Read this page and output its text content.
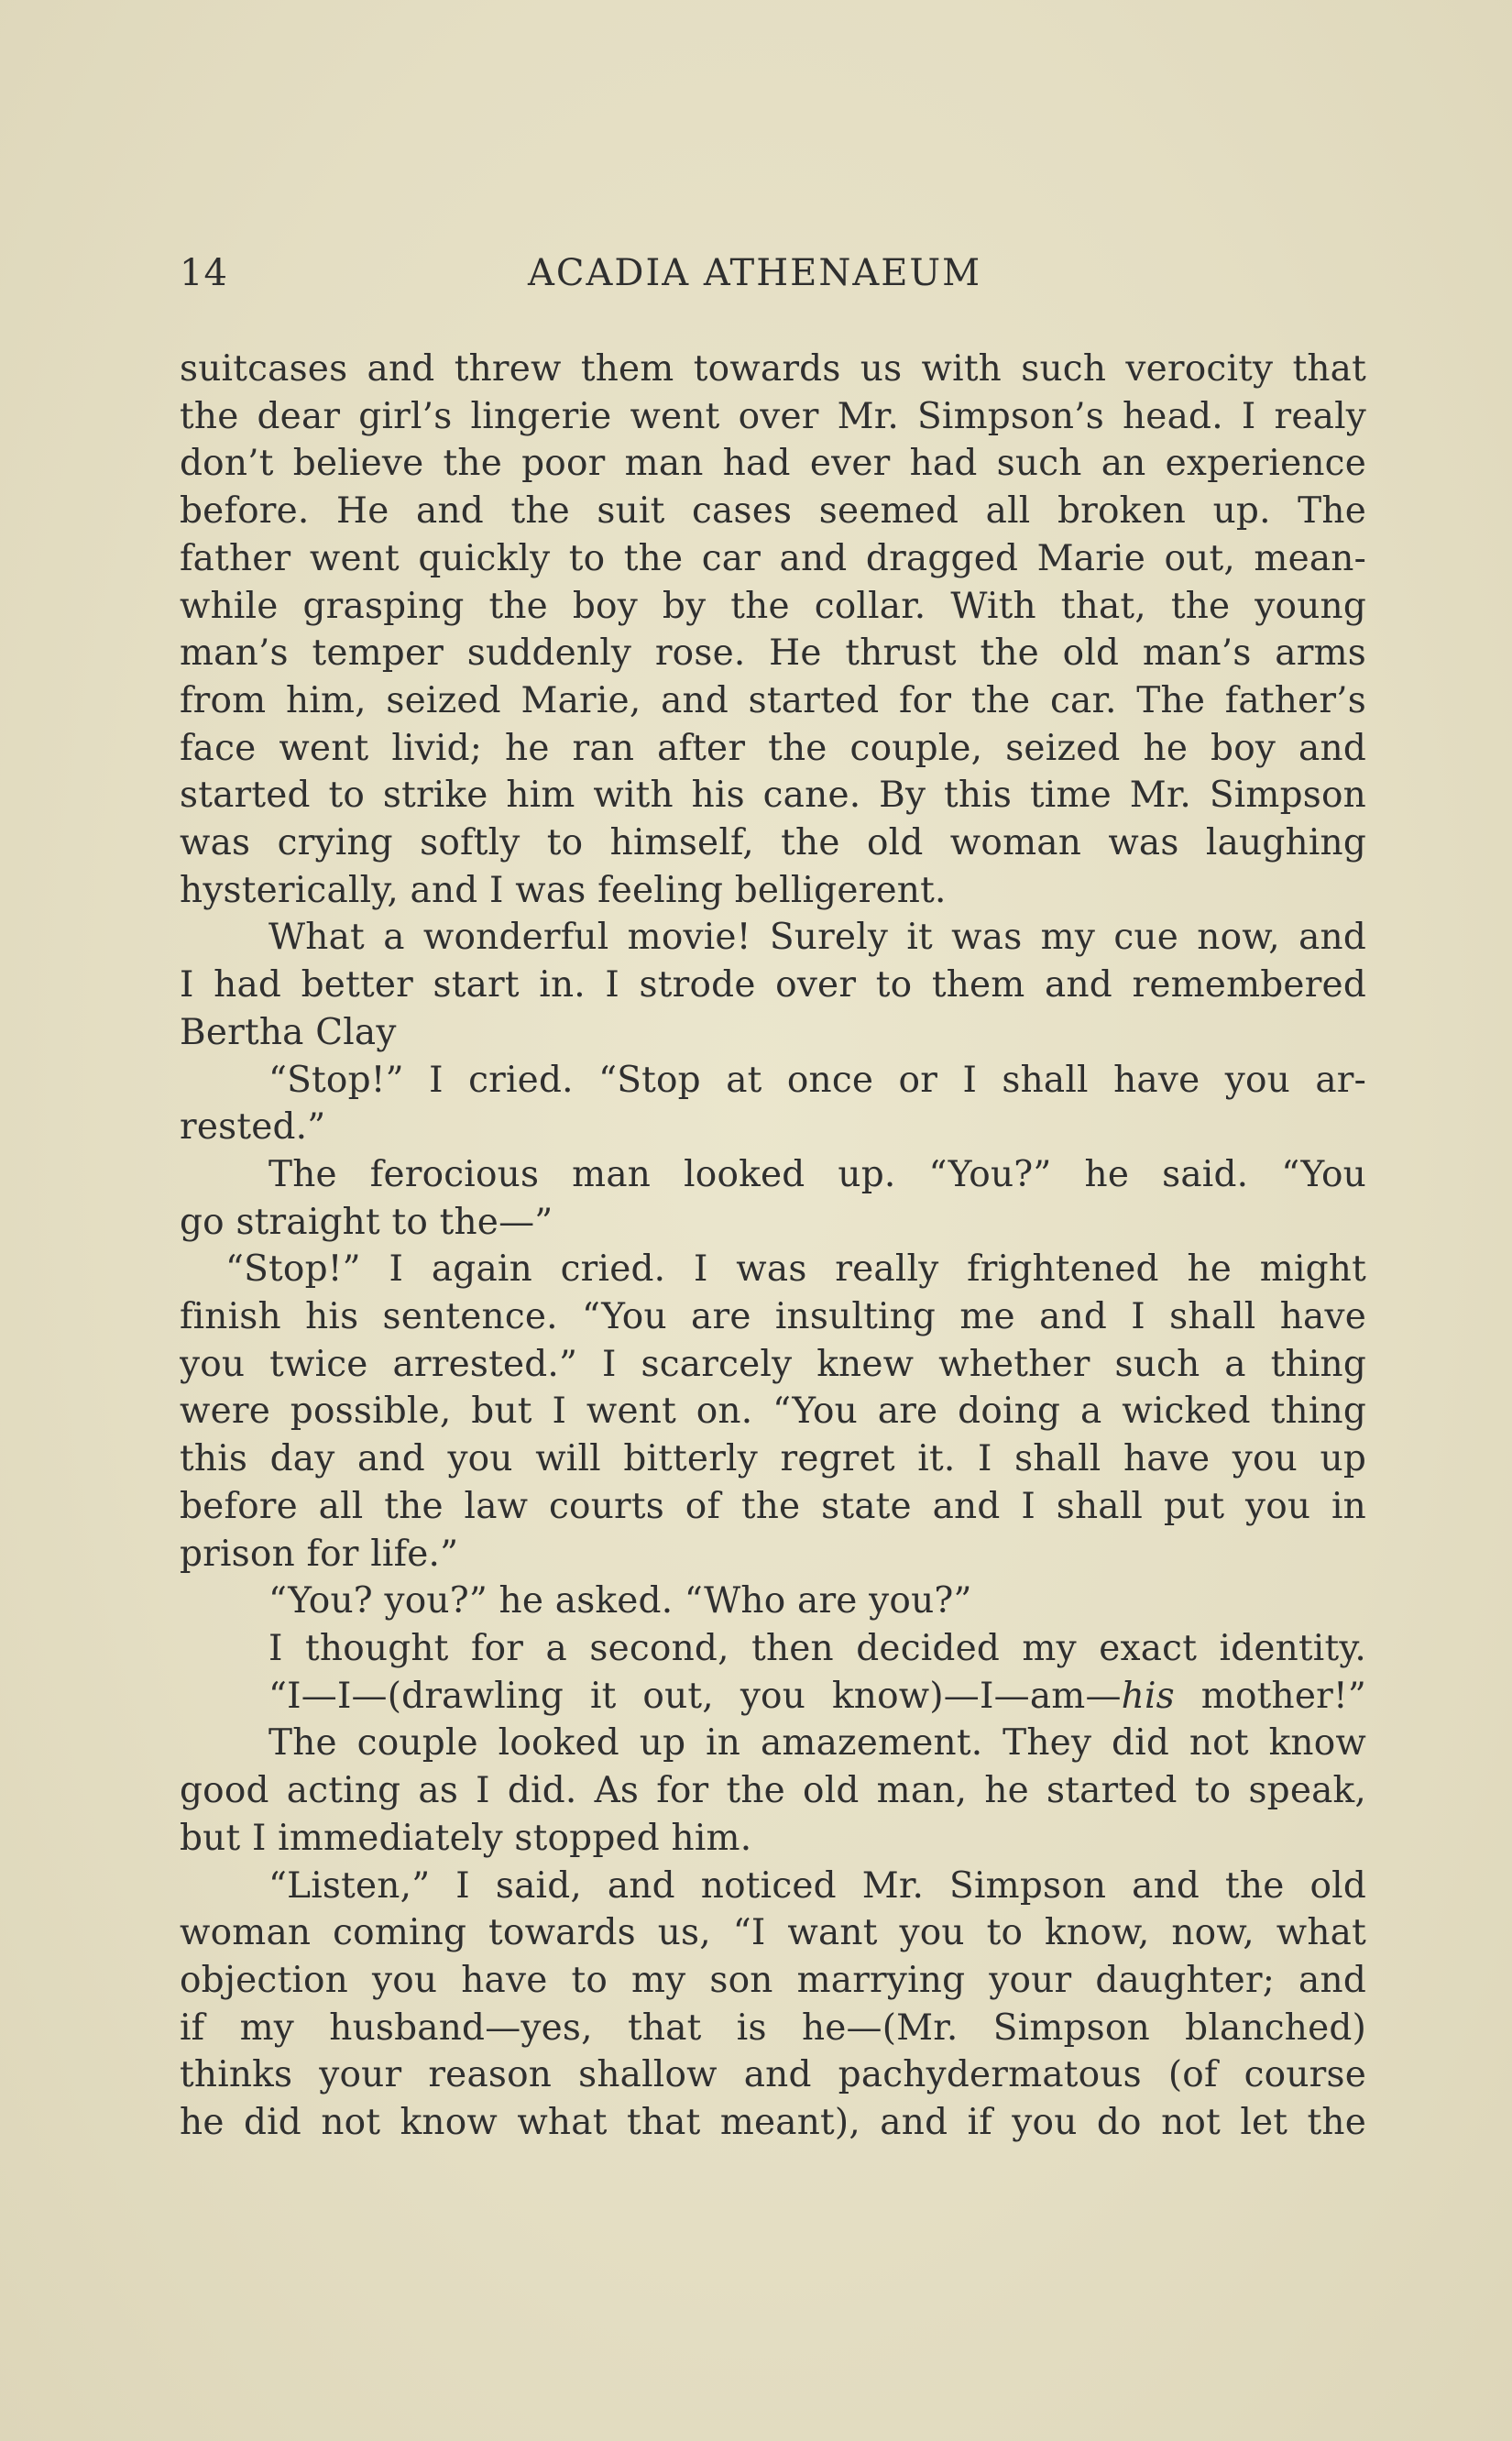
14	ACADIA ATHENAEUM

suitcases and threw them towards us with such verocity that

the dear girl’s lingerie went over Mr. Simpson’s head. I realy

don’t believe the poor man had ever had such an experience

before. He and the suit cases seemed all broken up. The

father went quickly to the car and dragged Marie out, mean-

while grasping the boy by the collar. With that, the young

man’s temper suddenly rose. He thrust the old man’s arms

from him, seized Marie, and started for the car. The father’s

face went livid; he ran after the couple, seized he boy and

started to strike him with his cane. By this time Mr. Simpson

was crying softly to himself, the old woman was laughing

hysterically, and I was feeling belligerent.

What a wonderful movie! Surely it was my cue now, and

I had better start in. I strode over to them and remembered

Bertha Clay

“Stop!” I cried. “Stop at once or I shall have you ar-

rested.”

The ferocious man looked up. “You?” he said. “You

go straight to the—”

“Stop!” I again cried. I was really frightened he might

finish his sentence. “You are insulting me and I shall have

you twice arrested.” I scarcely knew whether such a thing

were possible, but I went on. “You are doing a wicked thing

this day and you will bitterly regret it. I shall have you up

before all the law courts of the state and I shall put you in

prison for life.”

“You? you?” he asked. “Who are you?”

I thought for a second, then decided my exact identity.

“I—I—(drawling it out, you know)—I—am—his mother!”

The couple looked up in amazement. They did not know

good acting as I did. As for the old man, he started to speak,

but I immediately stopped him.

“Listen,” I said, and noticed Mr. Simpson and the old

woman coming towards us, “I want you to know, now, what

objection you have to my son marrying your daughter; and

if my husband—yes, that is he—(Mr. Simpson blanched)

thinks your reason shallow and pachydermatous (of course

he did not know what that meant), and if you do not let the
